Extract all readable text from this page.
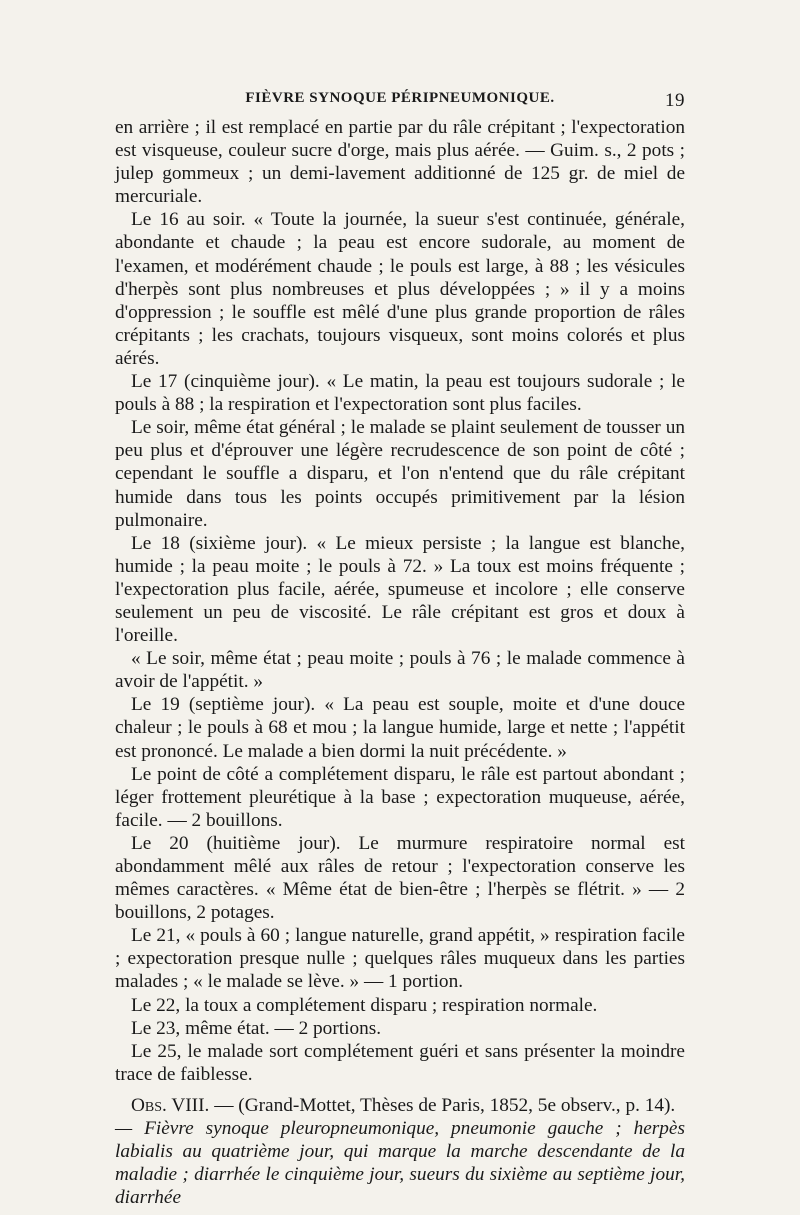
FIÈVRE SYNOQUE PÉRIPNEUMONIQUE.	19

en arrière ; il est remplacé en partie par du râle crépitant ; l'expectoration est visqueuse, couleur sucre d'orge, mais plus aérée. — Guim. s., 2 pots ; julep gommeux ; un demi-lavement additionné de 125 gr. de miel de mercuriale.

Le 16 au soir. « Toute la journée, la sueur s'est continuée, générale, abondante et chaude ; la peau est encore sudorale, au moment de l'examen, et modérément chaude ; le pouls est large, à 88 ; les vésicules d'herpès sont plus nombreuses et plus développées ; » il y a moins d'oppression ; le souffle est mêlé d'une plus grande proportion de râles crépitants ; les crachats, toujours visqueux, sont moins colorés et plus aérés.

Le 17 (cinquième jour). « Le matin, la peau est toujours sudorale ; le pouls à 88 ; la respiration et l'expectoration sont plus faciles.

Le soir, même état général ; le malade se plaint seulement de tousser un peu plus et d'éprouver une légère recrudescence de son point de côté ; cependant le souffle a disparu, et l'on n'entend que du râle crépitant humide dans tous les points occupés primitivement par la lésion pulmonaire.

Le 18 (sixième jour). « Le mieux persiste ; la langue est blanche, humide ; la peau moite ; le pouls à 72. » La toux est moins fréquente ; l'expectoration plus facile, aérée, spumeuse et incolore ; elle conserve seulement un peu de viscosité. Le râle crépitant est gros et doux à l'oreille.

« Le soir, même état ; peau moite ; pouls à 76 ; le malade commence à avoir de l'appétit. »

Le 19 (septième jour). « La peau est souple, moite et d'une douce chaleur ; le pouls à 68 et mou ; la langue humide, large et nette ; l'appétit est prononcé. Le malade a bien dormi la nuit précédente. »

Le point de côté a complétement disparu, le râle est partout abondant ; léger frottement pleurétique à la base ; expectoration muqueuse, aérée, facile. — 2 bouillons.

Le 20 (huitième jour). Le murmure respiratoire normal est abondamment mêlé aux râles de retour ; l'expectoration conserve les mêmes caractères. « Même état de bien-être ; l'herpès se flétrit. » — 2 bouillons, 2 potages.

Le 21, « pouls à 60 ; langue naturelle, grand appétit, » respiration facile ; expectoration presque nulle ; quelques râles muqueux dans les parties malades ; « le malade se lève. » — 1 portion.

Le 22, la toux a complétement disparu ; respiration normale.

Le 23, même état. — 2 portions.

Le 25, le malade sort complétement guéri et sans présenter la moindre trace de faiblesse.

Obs. VIII. — (Grand-Mottet, Thèses de Paris, 1852, 5e observ., p. 14).

— Fièvre synoque pleuropneumonique, pneumonie gauche ; herpès labialis au quatrième jour, qui marque la marche descendante de la maladie ; diarrhée le cinquième jour, sueurs du sixième au septième jour, diarrhée
